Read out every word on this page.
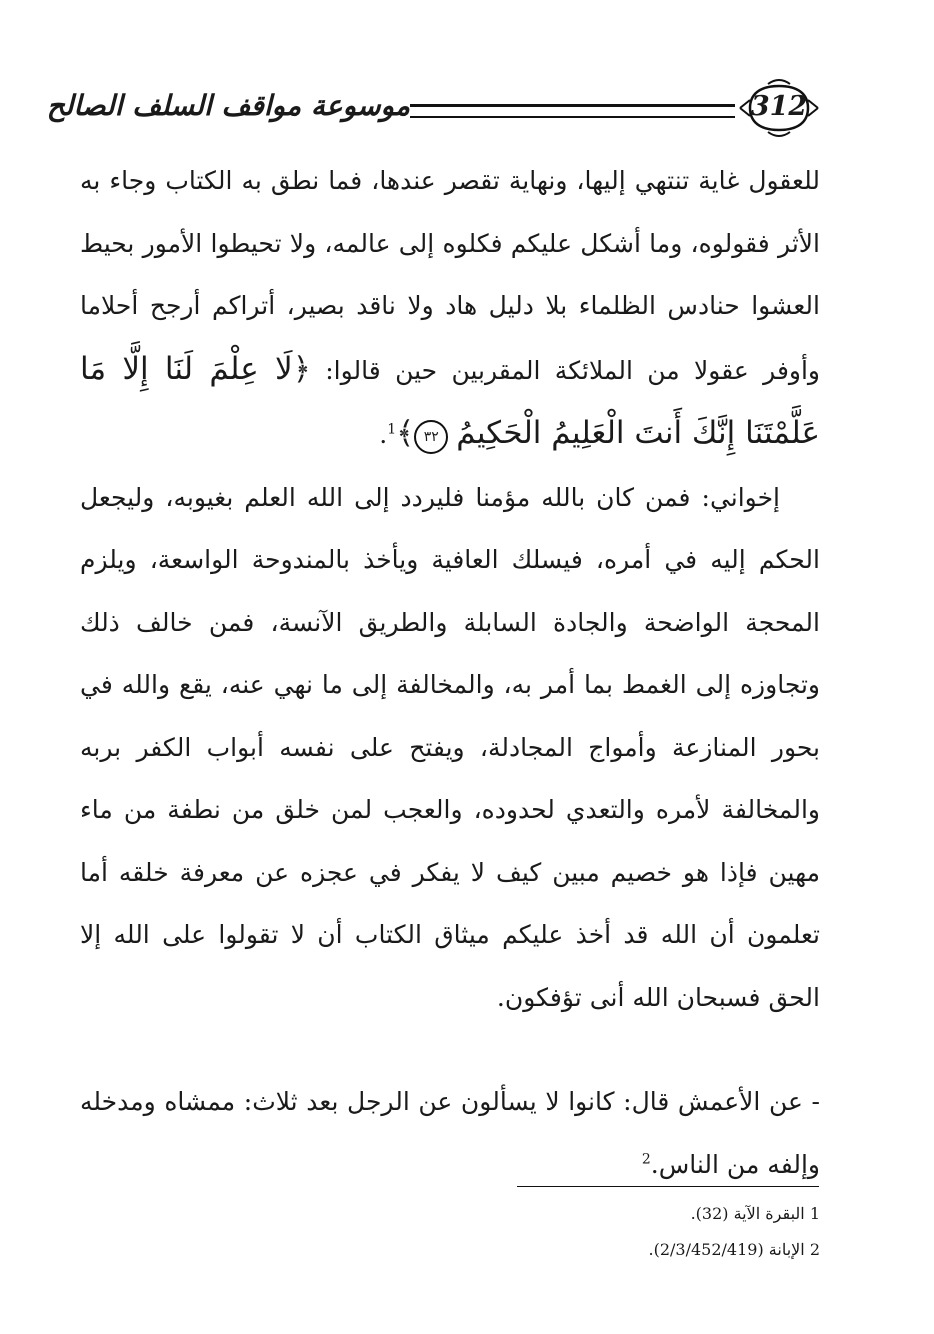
موسوعة مواقف السلف الصالح	312

للعقول غاية تنتهي إليها، ونهاية تقصر عندها، فما نطق به الكتاب وجاء به الأثر فقولوه، وما أشكل عليكم فكلوه إلى عالمه، ولا تحيطوا الأمور بحيط العشوا حنادس الظلماء بلا دليل هاد ولا ناقد بصير، أتراكم أرجح أحلاما وأوفر عقولا من الملائكة المقربين حين قالوا: ﴿لَا عِلْمَ لَنَا إِلَّا مَا عَلَّمْتَنَا إِنَّكَ أَنتَ الْعَلِيمُ الْحَكِيمُ ٣٢﴾$^1$.

إخواني: فمن كان بالله مؤمنا فليردد إلى الله العلم بغيوبه، وليجعل الحكم إليه في أمره، فيسلك العافية ويأخذ بالمندوحة الواسعة، ويلزم المحجة الواضحة والجادة السابلة والطريق الآنسة، فمن خالف ذلك وتجاوزه إلى الغمط بما أمر به، والمخالفة إلى ما نهي عنه، يقع والله في بحور المنازعة وأمواج المجادلة، ويفتح على نفسه أبواب الكفر بربه والمخالفة لأمره والتعدي لحدوده، والعجب لمن خلق من نطفة من ماء مهين فإذا هو خصيم مبين كيف لا يفكر في عجزه عن معرفة خلقه أما تعلمون أن الله قد أخذ عليكم ميثاق الكتاب أن لا تقولوا على الله إلا الحق فسبحان الله أنى تؤفكون.

- عن الأعمش قال: كانوا لا يسألون عن الرجل بعد ثلاث: ممشاه ومدخله وإلفه من الناس.$^2$

1 البقرة الآية (32).
2 الإبانة (2/3/452/419).
